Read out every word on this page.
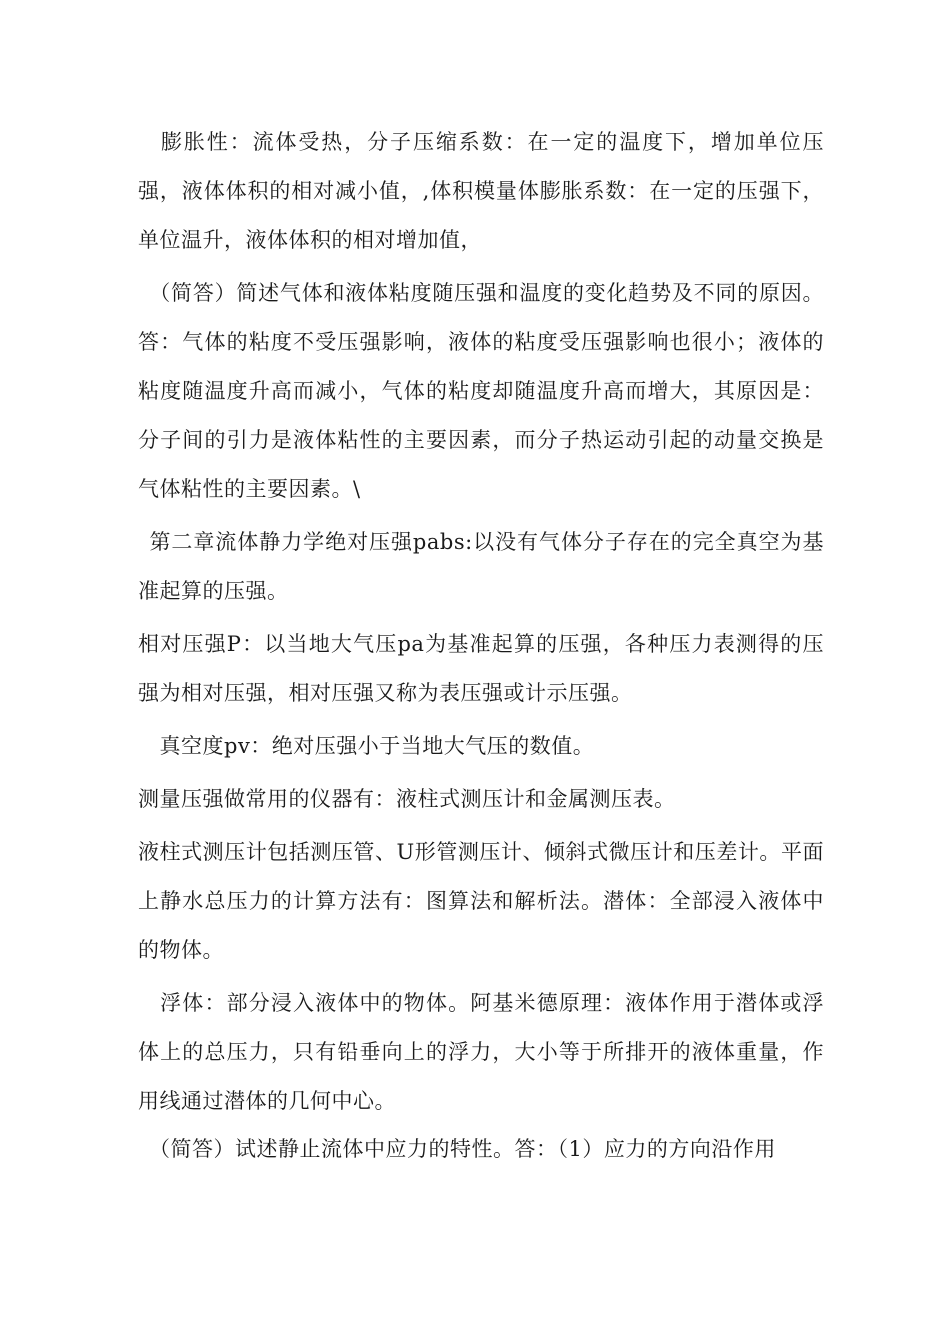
　膨胀性：流体受热，分子压缩系数：在一定的温度下，增加单位压强，液体体积的相对减小值，,体积模量体膨胀系数：在一定的压强下，单位温升，液体体积的相对增加值，

　（简答）简述气体和液体粘度随压强和温度的变化趋势及不同的原因。答：气体的粘度不受压强影响，液体的粘度受压强影响也很小；液体的粘度随温度升高而减小，气体的粘度却随温度升高而增大，其原因是：分子间的引力是液体粘性的主要因素，而分子热运动引起的动量交换是气体粘性的主要因素。\

 第二章流体静力学绝对压强pabs:以没有气体分子存在的完全真空为基准起算的压强。

相对压强P：以当地大气压pa为基准起算的压强，各种压力表测得的压强为相对压强，相对压强又称为表压强或计示压强。

　真空度pv：绝对压强小于当地大气压的数值。

测量压强做常用的仪器有：液柱式测压计和金属测压表。

液柱式测压计包括测压管、U形管测压计、倾斜式微压计和压差计。平面上静水总压力的计算方法有：图算法和解析法。潜体：全部浸入液体中的物体。

　浮体：部分浸入液体中的物体。阿基米德原理：液体作用于潜体或浮体上的总压力，只有铅垂向上的浮力，大小等于所排开的液体重量，作用线通过潜体的几何中心。

　（简答）试述静止流体中应力的特性。答：（1）应力的方向沿作用
